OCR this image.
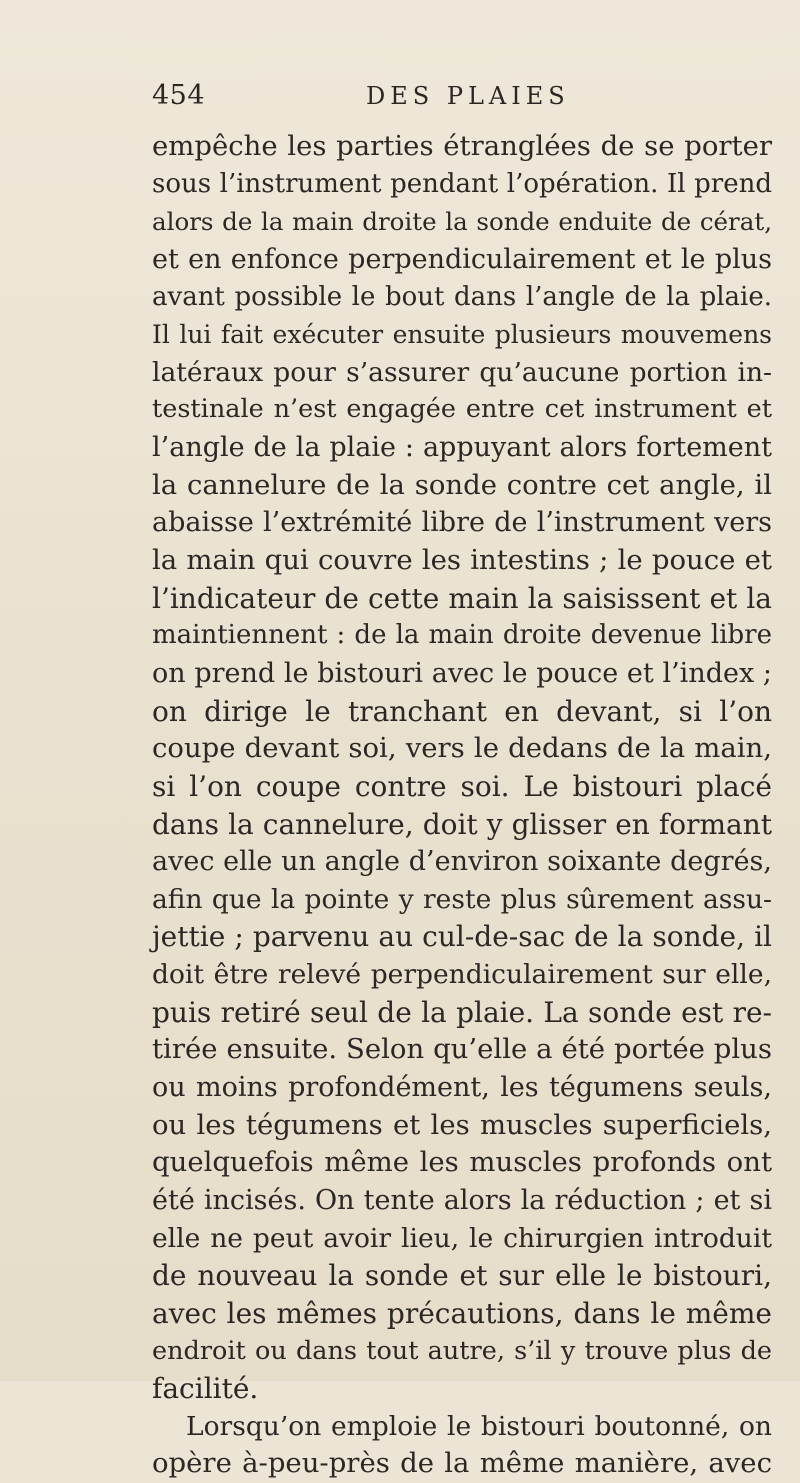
454	DES PLAIES
empêche les parties étranglées de se porter
sous l’instrument pendant l’opération. Il prend
alors de la main droite la sonde enduite de cérat,
et en enfonce perpendiculairement et le plus
avant possible le bout dans l’angle de la plaie.
Il lui fait exécuter ensuite plusieurs mouvemens
latéraux pour s’assurer qu’aucune portion in-
testinale n’est engagée entre cet instrument et
l’angle de la plaie : appuyant alors fortement
la cannelure de la sonde contre cet angle, il
abaisse l’extrémité libre de l’instrument vers
la main qui couvre les intestins ; le pouce et
l’indicateur de cette main la saisissent et la
maintiennent : de la main droite devenue libre
on prend le bistouri avec le pouce et l’index ;
on dirige le tranchant en devant, si l’on
coupe devant soi, vers le dedans de la main,
si l’on coupe contre soi. Le bistouri placé
dans la cannelure, doit y glisser en formant
avec elle un angle d’environ soixante degrés,
afin que la pointe y reste plus sûrement assu-
jettie ; parvenu au cul-de-sac de la sonde, il
doit être relevé perpendiculairement sur elle,
puis retiré seul de la plaie. La sonde est re-
tirée ensuite. Selon qu’elle a été portée plus
ou moins profondément, les tégumens seuls,
ou les tégumens et les muscles superficiels,
quelquefois même les muscles profonds ont
été incisés. On tente alors la réduction ; et si
elle ne peut avoir lieu, le chirurgien introduit
de nouveau la sonde et sur elle le bistouri,
avec les mêmes précautions, dans le même
endroit ou dans tout autre, s’il y trouve plus de
facilité.
Lorsqu’on emploie le bistouri boutonné, on
opère à-peu-près de la même manière, avec
